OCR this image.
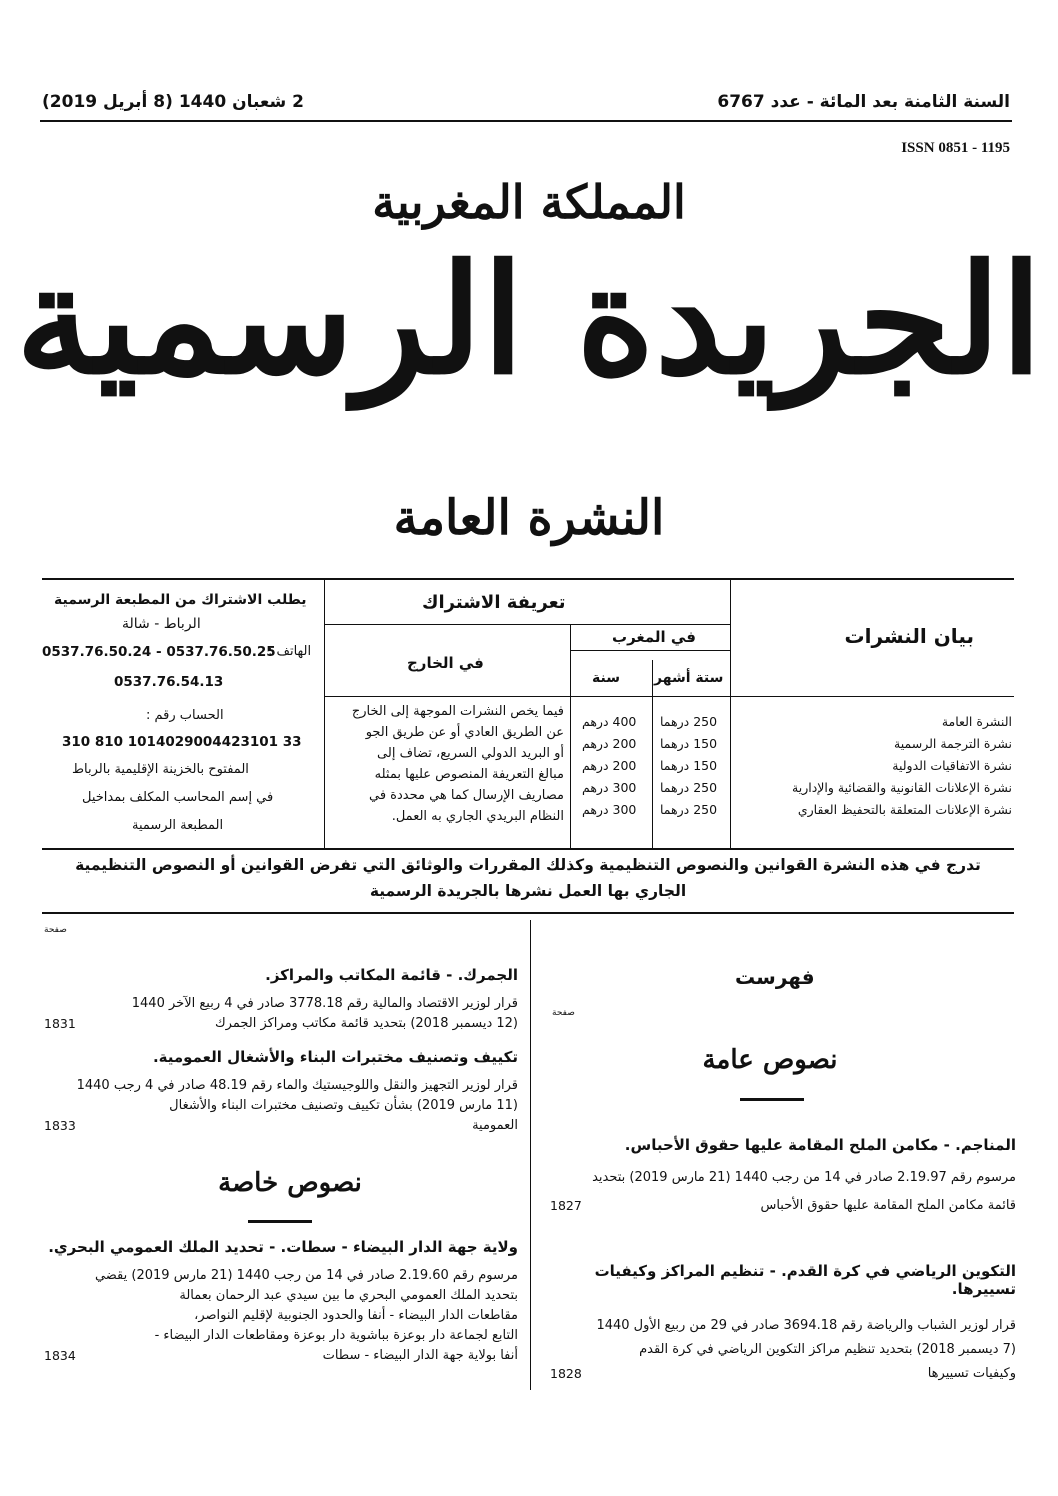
السنة الثامنة بعد المائة - عدد 6767
2 شعبان 1440 (8 أبريل 2019)
ISSN 0851 - 1195
المملكة المغربية
الجريدة الرسمية
النشرة العامة
بيان النشرات
تعريفة الاشتراك
في المغرب
ستة أشهر
سنة
في الخارج
النشرة العامة
250 درهما
400 درهم
نشرة الترجمة الرسمية
150 درهما
200 درهم
نشرة الاتفاقيات الدولية
150 درهما
200 درهم
نشرة الإعلانات القانونية والقضائية والإدارية
250 درهما
300 درهم
نشرة الإعلانات المتعلقة بالتحفيظ العقاري
250 درهما
300 درهم
فيما يخص النشرات الموجهة إلى الخارج
عن الطريق العادي أو عن طريق الجو
أو البريد الدولي السريع، تضاف إلى
مبالغ التعريفة المنصوص عليها بمثله
مصاريف الإرسال كما هي محددة في
النظام البريدي الجاري به العمل.
يطلب الاشتراك من المطبعة الرسمية
الرباط - شالة
الهاتف :
0537.76.50.24 - 0537.76.50.25
0537.76.54.13
الحساب رقم :
310 810 1014029004423101 33
المفتوح بالخزينة الإقليمية بالرباط
في إسم المحاسب المكلف بمداخيل
المطبعة الرسمية
تدرج في هذه النشرة القوانين والنصوص التنظيمية وكذلك المقررات والوثائق التي تفرض القوانين أو النصوص التنظيمية
الجاري بها العمل نشرها بالجريدة الرسمية
فهرست
صفحة
نصوص عامة
المناجم. - مكامن الملح المقامة عليها حقوق الأحباس.
مرسوم رقم 2.19.97 صادر في 14 من رجب 1440 (21 مارس 2019) بتحديد
قائمة مكامن الملح المقامة عليها حقوق الأحباس
1827
التكوين الرياضي في كرة القدم. - تنظيم المراكز وكيفيات تسييرها.
قرار لوزير الشباب والرياضة رقم 3694.18 صادر في 29 من ربيع الأول 1440
(7 ديسمبر 2018) بتحديد تنظيم مراكز التكوين الرياضي في كرة القدم
وكيفيات تسييرها
1828
صفحة
الجمرك. - قائمة المكاتب والمراكز.
قرار لوزير الاقتصاد والمالية رقم 3778.18 صادر في 4 ربيع الآخر 1440
(12 ديسمبر 2018) بتحديد قائمة مكاتب ومراكز الجمرك
1831
تكييف وتصنيف مختبرات البناء والأشغال العمومية.
قرار لوزير التجهيز والنقل واللوجيستيك والماء رقم 48.19 صادر في 4 رجب 1440
(11 مارس 2019) بشأن تكييف وتصنيف مختبرات البناء والأشغال
العمومية
1833
نصوص خاصة
ولاية جهة الدار البيضاء - سطات. - تحديد الملك العمومي البحري.
مرسوم رقم 2.19.60 صادر في 14 من رجب 1440 (21 مارس 2019) يقضي
بتحديد الملك العمومي البحري ما بين سيدي عبد الرحمان بعمالة
مقاطعات الدار البيضاء - أنفا والحدود الجنوبية لإقليم النواصر،
التابع لجماعة دار بوعزة بباشوية دار بوعزة ومقاطعات الدار البيضاء -
أنفا بولاية جهة الدار البيضاء - سطات
1834
